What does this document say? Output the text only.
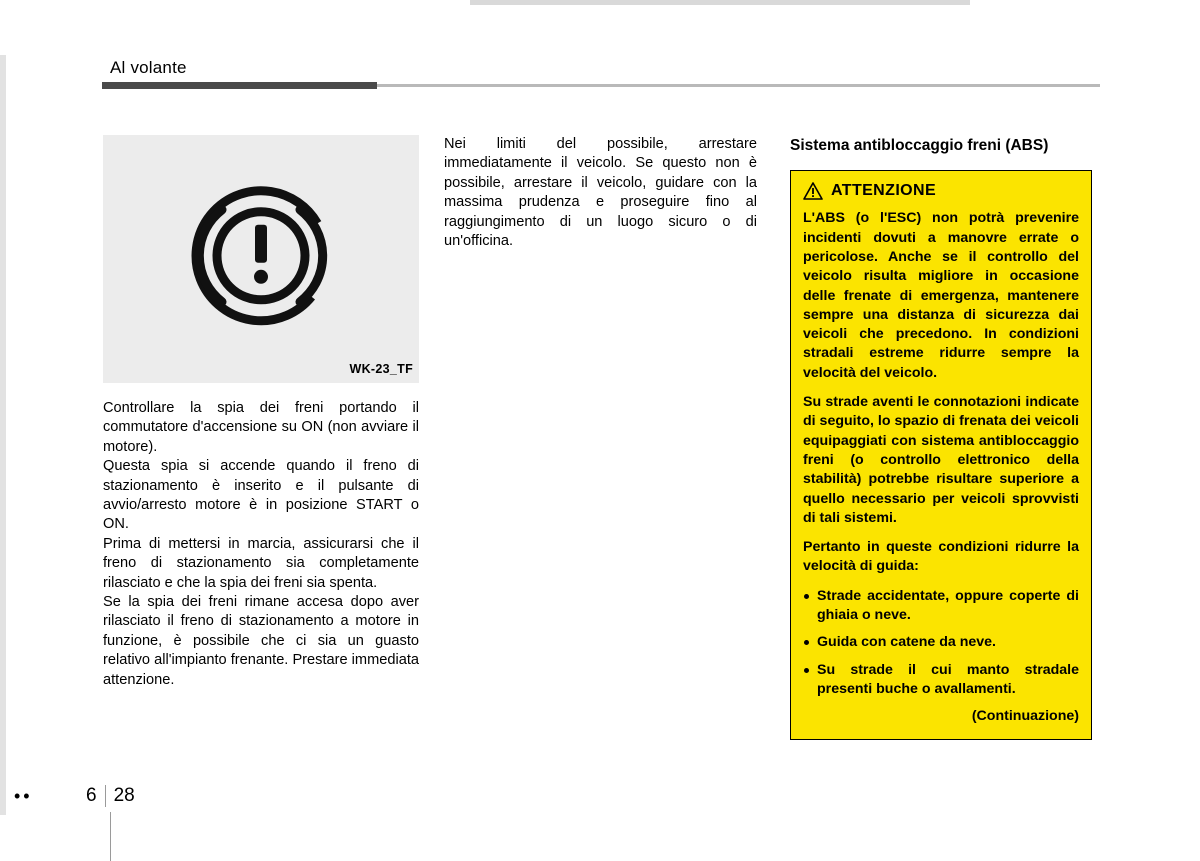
Al volante
WK-23_TF

Controllare la spia dei freni portando il commutatore d'accensione su ON (non avviare il motore).

Questa spia si accende quando il freno di stazionamento è inserito e il pulsante di avvio/arresto motore è in posizione START o ON.

Prima di mettersi in marcia, assicurarsi che il freno di stazionamento sia completamente rilasciato e che la spia dei freni sia spenta.

Se la spia dei freni rimane accesa dopo aver rilasciato il freno di stazionamento a motore in funzione, è possibile che ci sia un guasto relativo all'impianto frenante. Prestare immediata attenzione.

Nei limiti del possibile, arrestare immediatamente il veicolo. Se questo non è possibile, arrestare il veicolo, guidare con la massima prudenza e proseguire fino al raggiungimento di un luogo sicuro o di un'officina.

Sistema antibloccaggio freni (ABS)
ATTENZIONE

L'ABS (o l'ESC) non potrà prevenire incidenti dovuti a manovre errate o pericolose. Anche se il controllo del veicolo risulta migliore in occasione delle frenate di emergenza, mantenere sempre una distanza di sicurezza dai veicoli che precedono. In condizioni stradali estreme ridurre sempre la velocità del veicolo.

Su strade aventi le connotazioni indicate di seguito, lo spazio di frenata dei veicoli equipaggiati con sistema antibloccaggio freni (o controllo elettronico della stabilità) potrebbe risultare superiore a quello necessario per veicoli sprovvisti di tali sistemi.

Pertanto in queste condizioni ridurre la velocità di guida:

Strade accidentate, oppure coperte di ghiaia o neve.
Guida con catene da neve.
Su strade il cui manto stradale presenti buche o avallamenti.
(Continuazione)
••	6 28
